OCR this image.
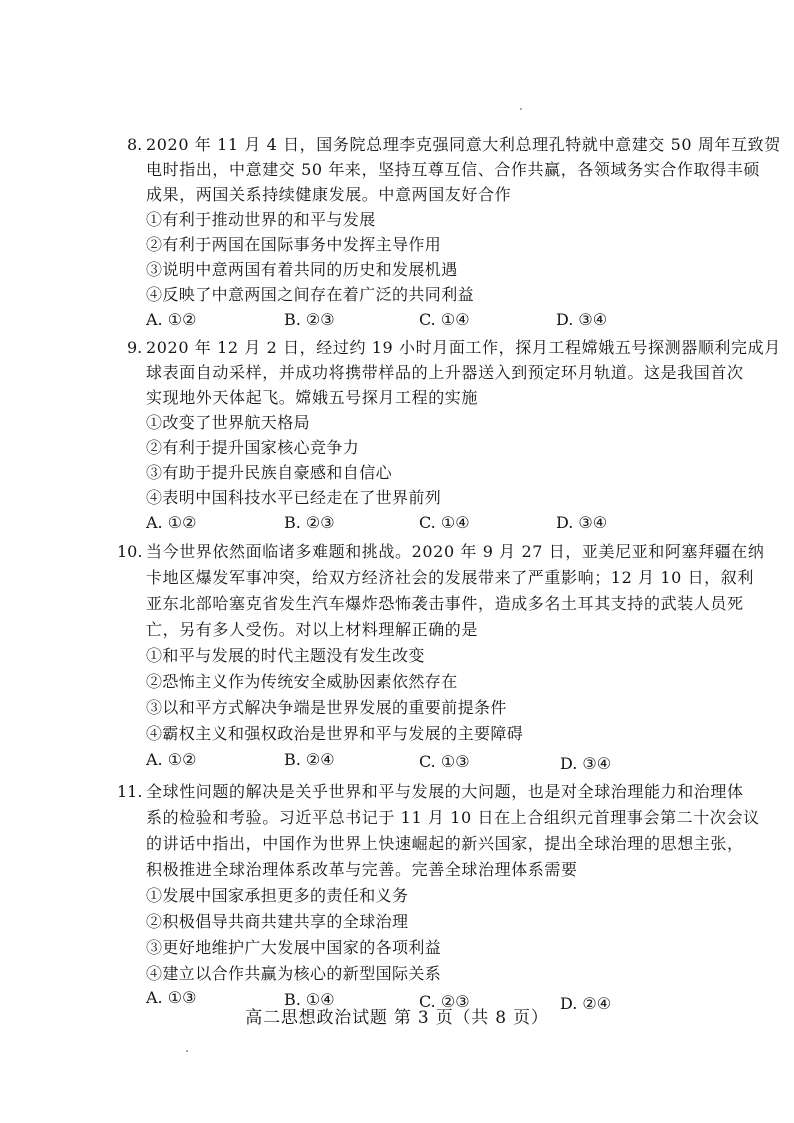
8. 2020 年 11 月 4 日，国务院总理李克强同意大利总理孔特就中意建交 50 周年互致贺
电时指出，中意建交 50 年来，坚持互尊互信、合作共赢，各领域务实合作取得丰硕
成果，两国关系持续健康发展。中意两国友好合作
①有利于推动世界的和平与发展
②有利于两国在国际事务中发挥主导作用
③说明中意两国有着共同的历史和发展机遇
④反映了中意两国之间存在着广泛的共同利益
A. ①②	B. ②③	C. ①④	D. ③④
9. 2020 年 12 月 2 日，经过约 19 小时月面工作，探月工程嫦娥五号探测器顺利完成月
球表面自动采样，并成功将携带样品的上升器送入到预定环月轨道。这是我国首次
实现地外天体起飞。嫦娥五号探月工程的实施
①改变了世界航天格局
②有利于提升国家核心竞争力
③有助于提升民族自豪感和自信心
④表明中国科技水平已经走在了世界前列
A. ①②	B. ②③	C. ①④	D. ③④
10. 当今世界依然面临诸多难题和挑战。2020 年 9 月 27 日，亚美尼亚和阿塞拜疆在纳
卡地区爆发军事冲突，给双方经济社会的发展带来了严重影响；12 月 10 日，叙利
亚东北部哈塞克省发生汽车爆炸恐怖袭击事件，造成多名土耳其支持的武装人员死
亡，另有多人受伤。对以上材料理解正确的是
①和平与发展的时代主题没有发生改变
②恐怖主义作为传统安全威胁因素依然存在
③以和平方式解决争端是世界发展的重要前提条件
④霸权主义和强权政治是世界和平与发展的主要障碍
A. ①②	B. ②④	C. ①③	D. ③④
11. 全球性问题的解决是关乎世界和平与发展的大问题，也是对全球治理能力和治理体
系的检验和考验。习近平总书记于 11 月 10 日在上合组织元首理事会第二十次会议
的讲话中指出，中国作为世界上快速崛起的新兴国家，提出全球治理的思想主张，
积极推进全球治理体系改革与完善。完善全球治理体系需要
①发展中国家承担更多的责任和义务
②积极倡导共商共建共享的全球治理
③更好地维护广大发展中国家的各项利益
④建立以合作共赢为核心的新型国际关系
A. ①③	B. ①④	C. ②③	D. ②④
高二思想政治试题 第 3 页（共 8 页）
